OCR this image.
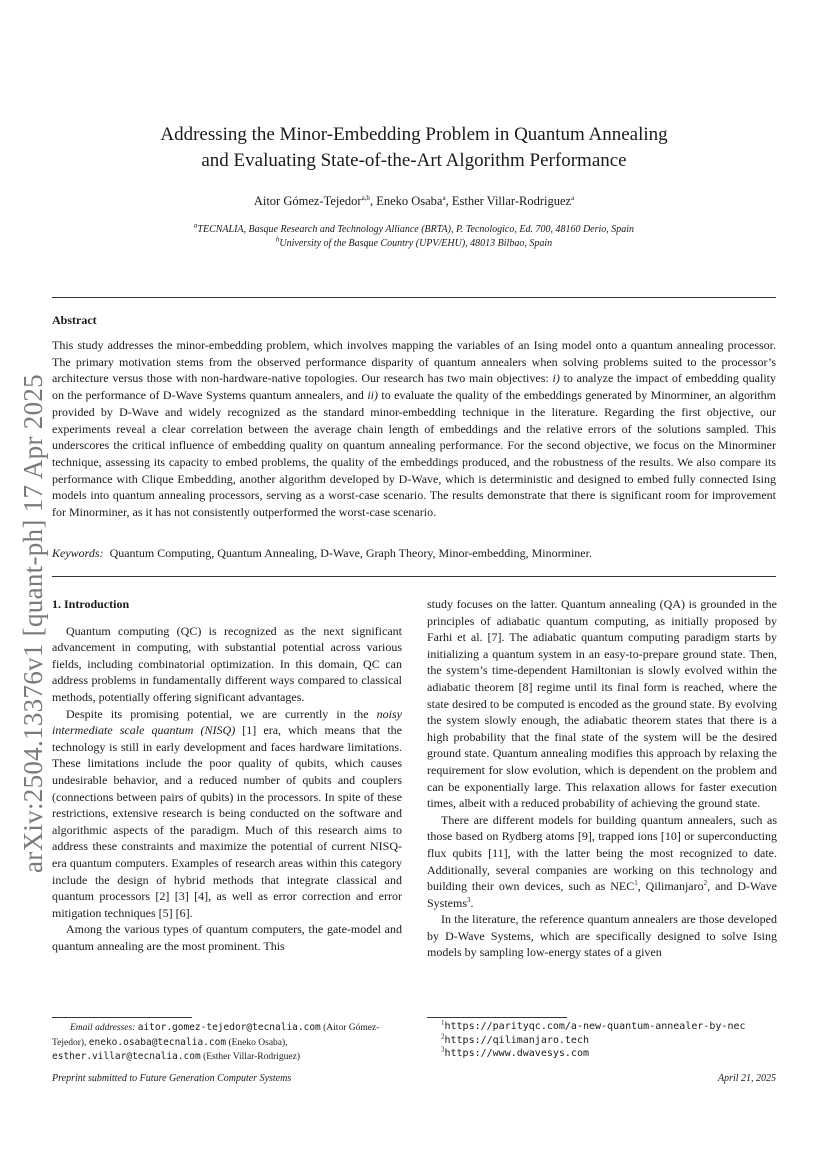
arXiv:2504.13376v1 [quant-ph] 17 Apr 2025
Addressing the Minor-Embedding Problem in Quantum Annealing
and Evaluating State-of-the-Art Algorithm Performance
Aitor Gómez-Tejedor$^{a,b}$, Eneko Osaba$^a$, Esther Villar-Rodriguez$^a$
$^a$TECNALIA, Basque Research and Technology Alliance (BRTA), P. Tecnologico, Ed. 700, 48160 Derio, Spain
$^b$University of the Basque Country (UPV/EHU), 48013 Bilbao, Spain
Abstract

This study addresses the minor-embedding problem, which involves mapping the variables of an Ising model onto a quantum annealing processor. The primary motivation stems from the observed performance disparity of quantum annealers when solving problems suited to the processor’s architecture versus those with non-hardware-native topologies. Our research has two main objectives: i) to analyze the impact of embedding quality on the performance of D-Wave Systems quantum annealers, and ii) to evaluate the quality of the embeddings generated by Minorminer, an algorithm provided by D-Wave and widely recognized as the standard minor-embedding technique in the literature. Regarding the first objective, our experiments reveal a clear correlation between the average chain length of embeddings and the relative errors of the solutions sampled. This underscores the critical influence of embedding quality on quantum annealing performance. For the second objective, we focus on the Minorminer technique, assessing its capacity to embed problems, the quality of the embeddings produced, and the robustness of the results. We also compare its performance with Clique Embedding, another algorithm developed by D-Wave, which is deterministic and designed to embed fully connected Ising models into quantum annealing processors, serving as a worst-case scenario. The results demonstrate that there is significant room for improvement for Minorminer, as it has not consistently outperformed the worst-case scenario.

Keywords: Quantum Computing, Quantum Annealing, D-Wave, Graph Theory, Minor-embedding, Minorminer.
1. Introduction

Quantum computing (QC) is recognized as the next significant advancement in computing, with substantial potential across various fields, including combinatorial optimization. In this domain, QC can address problems in fundamentally different ways compared to classical methods, potentially offering significant advantages.

Despite its promising potential, we are currently in the noisy intermediate scale quantum (NISQ) [1] era, which means that the technology is still in early development and faces hardware limitations. These limitations include the poor quality of qubits, which causes undesirable behavior, and a reduced number of qubits and couplers (connections between pairs of qubits) in the processors. In spite of these restrictions, extensive research is being conducted on the software and algorithmic aspects of the paradigm. Much of this research aims to address these constraints and maximize the potential of current NISQ-era quantum computers. Examples of research areas within this category include the design of hybrid methods that integrate classical and quantum processors [2] [3] [4], as well as error correction and error mitigation techniques [5] [6].

Among the various types of quantum computers, the gate-model and quantum annealing are the most prominent. This

study focuses on the latter. Quantum annealing (QA) is grounded in the principles of adiabatic quantum computing, as initially proposed by Farhi et al. [7]. The adiabatic quantum computing paradigm starts by initializing a quantum system in an easy-to-prepare ground state. Then, the system’s time-dependent Hamiltonian is slowly evolved within the adiabatic theorem [8] regime until its final form is reached, where the state desired to be computed is encoded as the ground state. By evolving the system slowly enough, the adiabatic theorem states that there is a high probability that the final state of the system will be the desired ground state. Quantum annealing modifies this approach by relaxing the requirement for slow evolution, which is dependent on the problem and can be exponentially large. This relaxation allows for faster execution times, albeit with a reduced probability of achieving the ground state.

There are different models for building quantum annealers, such as those based on Rydberg atoms [9], trapped ions [10] or superconducting flux qubits [11], with the latter being the most recognized to date. Additionally, several companies are working on this technology and building their own devices, such as NEC$^1$, Qilimanjaro$^2$, and D-Wave Systems$^3$.

In the literature, the reference quantum annealers are those developed by D-Wave Systems, which are specifically designed to solve Ising models by sampling low-energy states of a given

Email addresses: aitor.gomez-tejedor@tecnalia.com (Aitor Gómez-Tejedor), eneko.osaba@tecnalia.com (Eneko Osaba),
esther.villar@tecnalia.com (Esther Villar-Rodriguez)
$^1$https://parityqc.com/a-new-quantum-annealer-by-nec
$^2$https://qilimanjaro.tech
$^3$https://www.dwavesys.com
Preprint submitted to Future Generation Computer Systems	April 21, 2025
